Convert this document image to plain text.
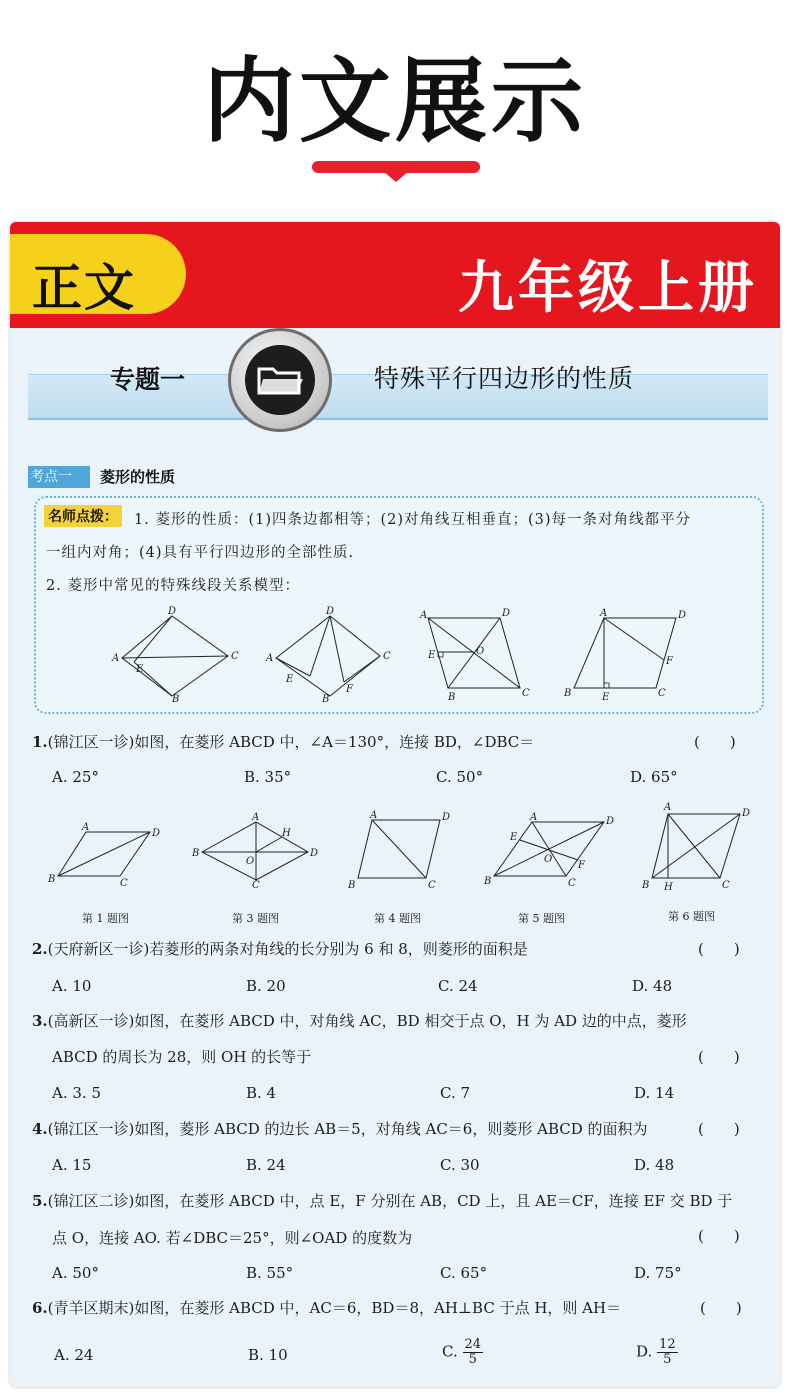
内文展示
正文	九年级上册
专题一	特殊平行四边形的性质
考点一 菱形的性质
名师点拨： 1. 菱形的性质：(1)四条边都相等；(2)对角线互相垂直；(3)每一条对角线都平分
一组内对角；(4)具有平行四边形的全部性质.
2. 菱形中常见的特殊线段关系模型：
A
D
C
B
E
A
D
C
B
E
F
A	D
C
B
E	O
A	D
C
B	E
F
1.(锦江区一诊)如图，在菱形 ABCD 中，∠A＝130°，连接 BD，∠DBC＝	(　　)
A. 25°	B. 35°	C. 50°	D. 65°
A
D
C
B
A
B	D
C
H
O
A	D
C
B
A	D
C
B
E
F
O
A
D
C
B H
第 1 题图	第 3 题图	第 4 题图	第 5 题图	第 6 题图
2.(天府新区一诊)若菱形的两条对角线的长分别为 6 和 8，则菱形的面积是	(　　)
A. 10	B. 20	C. 24	D. 48
3.(高新区一诊)如图，在菱形 ABCD 中，对角线 AC，BD 相交于点 O，H 为 AD 边的中点，菱形
ABCD 的周长为 28，则 OH 的长等于	(　　)
A. 3. 5	B. 4	C. 7	D. 14
4.(锦江区一诊)如图，菱形 ABCD 的边长 AB＝5，对角线 AC＝6，则菱形 ABCD 的面积为	(　　)
A. 15	B. 24	C. 30	D. 48
5.(锦江区二诊)如图，在菱形 ABCD 中，点 E，F 分别在 AB，CD 上，且 AE＝CF，连接 EF 交 BD 于
点 O，连接 AO. 若∠DBC＝25°，则∠OAD 的度数为	(　　)
A. 50°	B. 55°	C. 65°	D. 75°
6.(青羊区期末)如图，在菱形 ABCD 中，AC＝6，BD＝8，AH⊥BC 于点 H，则 AH＝	(　　)
A. 24	B. 10	C. $\frac{24}{5}$	D. $\frac{12}{5}$
